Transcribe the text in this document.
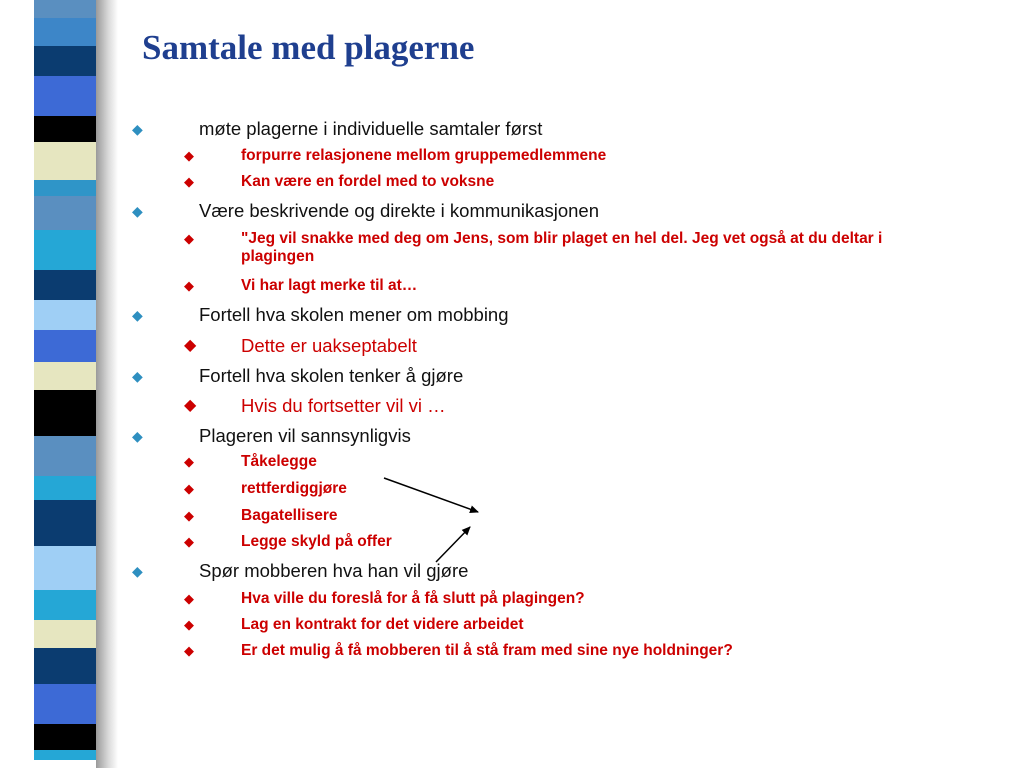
Samtale med plagerne
◆	møte plagerne i individuelle samtaler først
◆	forpurre relasjonene mellom gruppemedlemmene
◆	Kan være en fordel med to voksne
◆	Være beskrivende og direkte i kommunikasjonen
◆	"Jeg vil snakke med deg om Jens, som blir plaget en hel del. Jeg vet også at du deltar i plagingen
◆	Vi har lagt merke til at…
◆	Fortell hva skolen mener om mobbing
◆ Dette er uakseptabelt
◆	Fortell hva skolen tenker å gjøre
◆ Hvis du fortsetter vil vi …
◆	Plageren vil sannsynligvis
◆	Tåkelegge
◆	rettferdiggjøre
◆	Bagatellisere
◆	Legge skyld på offer
◆	Spør mobberen hva han vil gjøre
◆	Hva ville du foreslå for å få slutt på plagingen?
◆	Lag en kontrakt for det videre arbeidet
◆	Er det mulig å få mobberen til å stå fram med sine nye holdninger?
